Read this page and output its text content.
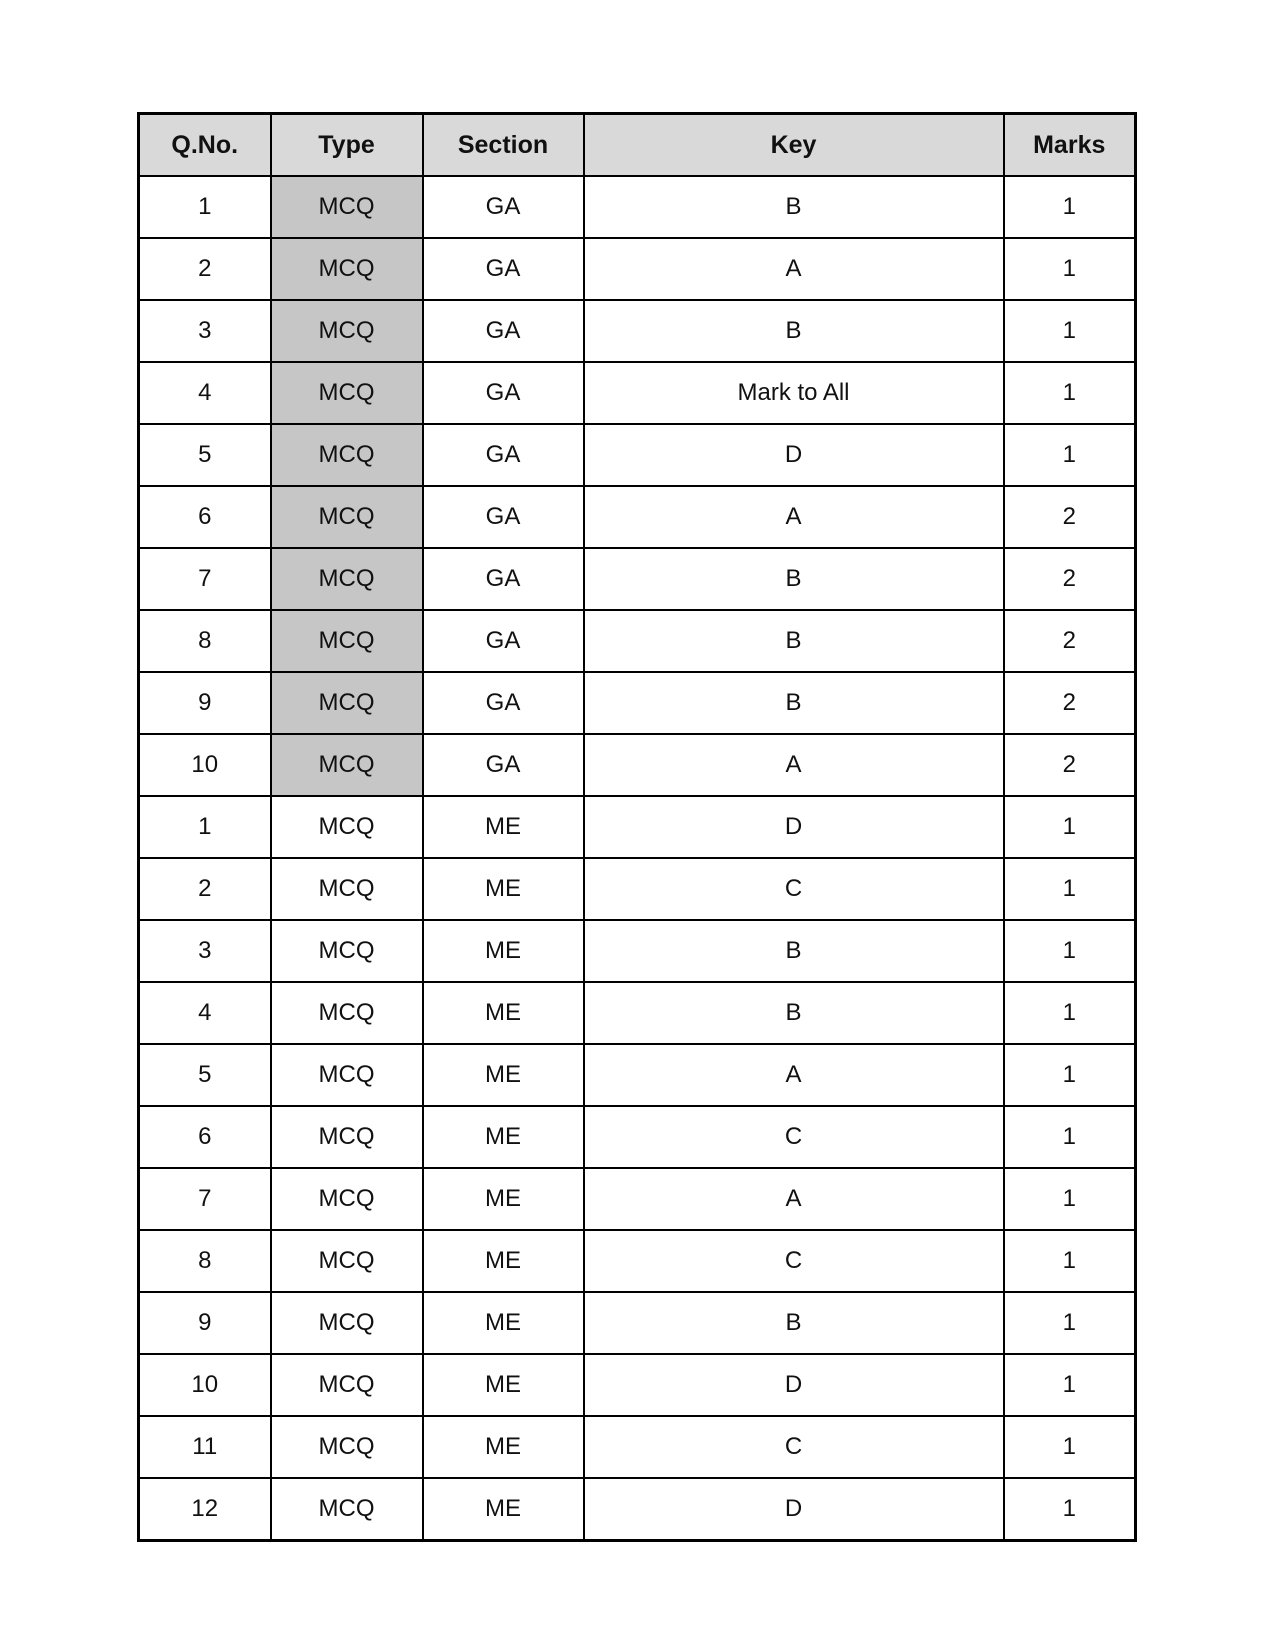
Q.No.	Type	Section	Key	Marks
1	MCQ	GA	B	1
2	MCQ	GA	A	1
3	MCQ	GA	B	1
4	MCQ	GA	Mark to All	1
5	MCQ	GA	D	1
6	MCQ	GA	A	2
7	MCQ	GA	B	2
8	MCQ	GA	B	2
9	MCQ	GA	B	2
10	MCQ	GA	A	2
1	MCQ	ME	D	1
2	MCQ	ME	C	1
3	MCQ	ME	B	1
4	MCQ	ME	B	1
5	MCQ	ME	A	1
6	MCQ	ME	C	1
7	MCQ	ME	A	1
8	MCQ	ME	C	1
9	MCQ	ME	B	1
10	MCQ	ME	D	1
11	MCQ	ME	C	1
12	MCQ	ME	D	1
